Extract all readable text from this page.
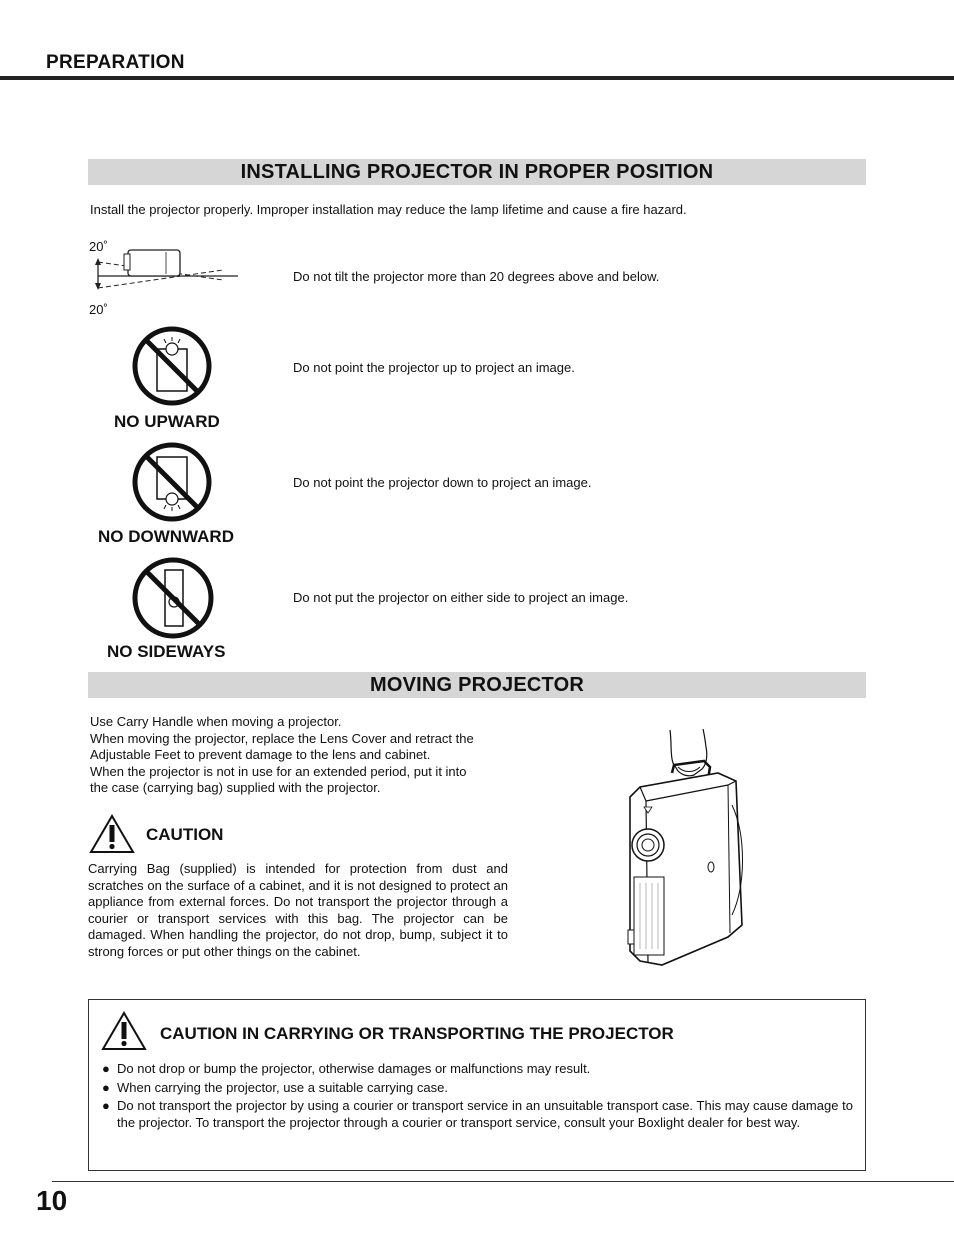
PREPARATION
INSTALLING PROJECTOR IN PROPER POSITION
Install the projector properly. Improper installation may reduce the lamp lifetime and cause a fire hazard.
20˚
20˚
Do not tilt the projector more than 20 degrees above and below.
NO UPWARD
Do not point the projector up to project an image.
NO DOWNWARD
Do not point the projector down to project an image.
NO SIDEWAYS
Do not put the projector on either side to project an image.
MOVING PROJECTOR
Use Carry Handle when moving a projector.
When moving the projector, replace the Lens Cover and retract the
Adjustable Feet to prevent damage to the lens and cabinet.
When the projector is not in use for an extended period, put it into
the case (carrying bag) supplied with the projector.
CAUTION
Carrying Bag (supplied) is intended for protection from dust and scratches on the surface of a cabinet, and it is not designed to protect an appliance from external forces. Do not transport the projector through a courier or transport services with this bag. The projector can be damaged. When handling the projector, do not drop, bump, subject it to strong forces or put other things on the cabinet.
CAUTION IN CARRYING OR TRANSPORTING THE PROJECTOR
● Do not drop or bump the projector, otherwise damages or malfunctions may result.
● When carrying the projector, use a suitable carrying case.
● Do not transport the projector by using a courier or transport service in an unsuitable transport case. This may cause damage to the projector. To transport the projector through a courier or transport service, consult your Boxlight dealer for best way.
10
